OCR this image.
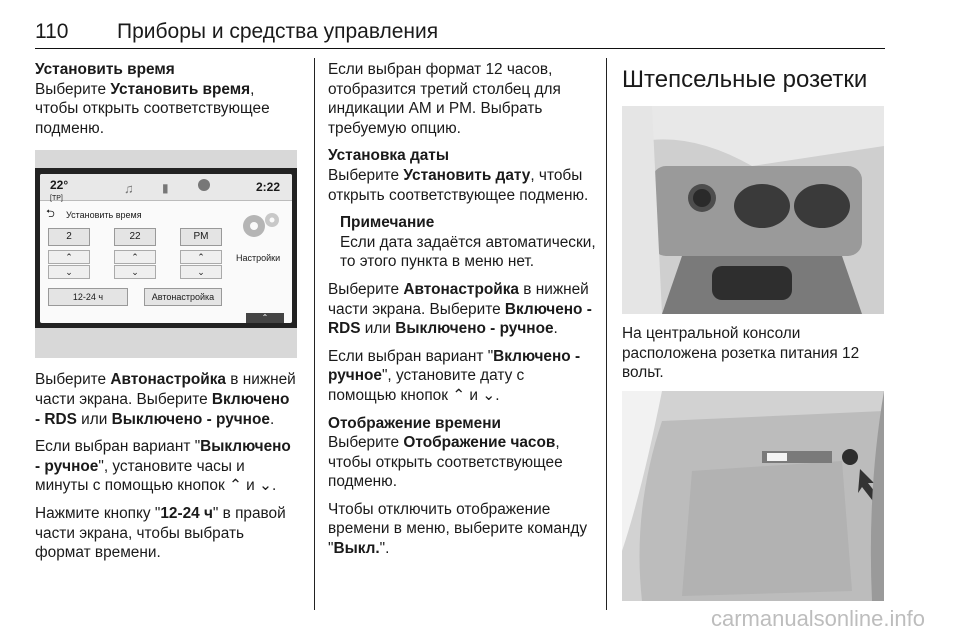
110 Приборы и средства управления

Установить время

Выберите Установить время, чтобы открыть соответствующее подменю.

22°
[TP]
♫ ▮	2:22
⮌ Установить время
2	22	PM
⌃
⌄
⌃
⌄
⌃
⌄
Настройки
12-24 ч	Автонастройка
⌃

Выберите Автонастройка в нижней части экрана. Выберите Включено - RDS или Выключено - ручное.

Если выбран вариант "Выключено - ручное", установите часы и минуты с помощью кнопок ⌃ и ⌄.

Нажмите кнопку "12-24 ч" в правой части экрана, чтобы выбрать формат времени.

Если выбран формат 12 часов, отобразится третий столбец для индикации AM и PM. Выбрать требуемую опцию.

Установка даты

Выберите Установить дату, чтобы открыть соответствующее подменю.

Примечание

Если дата задаётся автоматически, то этого пункта в меню нет.

Выберите Автонастройка в нижней части экрана. Выберите Включено - RDS или Выключено - ручное.

Если выбран вариант "Включено - ручное", установите дату с помощью кнопок ⌃ и ⌄.

Отображение времени

Выберите Отображение часов, чтобы открыть соответствующее подменю.

Чтобы отключить отображение времени в меню, выберите команду "Выкл.".

Штепсельные розетки

На центральной консоли расположена розетка питания 12 вольт.

carmanualsonline.info
